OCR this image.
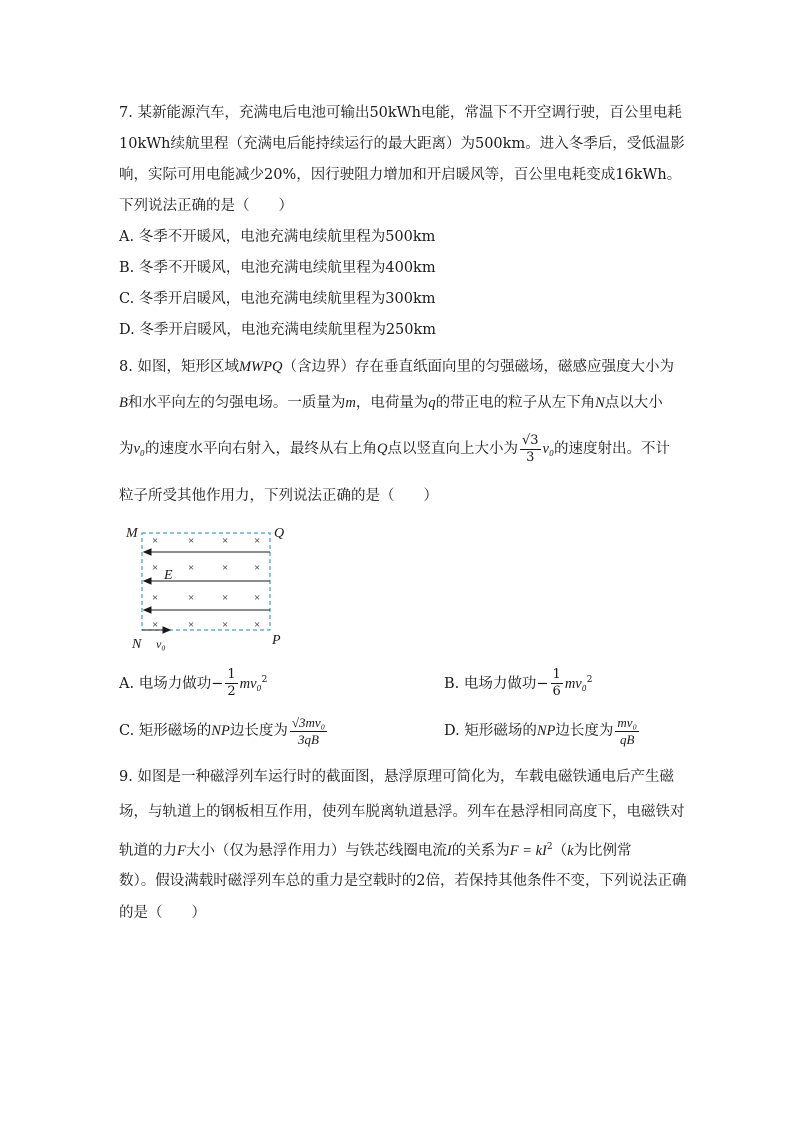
7. 某新能源汽车，充满电后电池可输出50kWh电能，常温下不开空调行驶，百公里电耗
10kWh续航里程（充满电后能持续运行的最大距离）为500km。进入冬季后，受低温影
响，实际可用电能减少20%，因行驶阻力增加和开启暖风等，百公里电耗变成16kWh。
下列说法正确的是（　　）
A. 冬季不开暖风，电池充满电续航里程为500km
B. 冬季不开暖风，电池充满电续航里程为400km
C. 冬季开启暖风，电池充满电续航里程为300km
D. 冬季开启暖风，电池充满电续航里程为250km
8. 如图，矩形区域MWPQ（含边界）存在垂直纸面向里的匀强磁场，磁感应强度大小为
B和水平向左的匀强电场。一质量为m，电荷量为q的带正电的粒子从左下角N点以大小
为v₀的速度水平向右射入，最终从右上角Q点以竖直向上大小为 $\frac{√3}{3} v_0$的速度射出。不计
粒子所受其他作用力，下列说法正确的是（　　）
×	×	× ×
×	×	× ×
×	×	× ×
×	×	× ×
M	Q
E
N	P
v₀
A. 电场力做功− $\frac{1}{2} mv_0^2$	B. 电场力做功− $\frac{1}{6} mv_0^2$
C. 矩形磁场的NP边长度为 $\frac{\text{√3mv₀}}{3qB}$	D. 矩形磁场的NP边长度为 $\frac{\text{mv₀}}{qB}$
9. 如图是一种磁浮列车运行时的截面图，悬浮原理可简化为，车载电磁铁通电后产生磁
场，与轨道上的钢板相互作用，使列车脱离轨道悬浮。列车在悬浮相同高度下，电磁铁对
轨道的力F大小（仅为悬浮作用力）与铁芯线圈电流I的关系为$F = kI^2(k$为比例常
数）。假设满载时磁浮列车总的重力是空载时的2倍，若保持其他条件不变，下列说法正确
的是（　　）
